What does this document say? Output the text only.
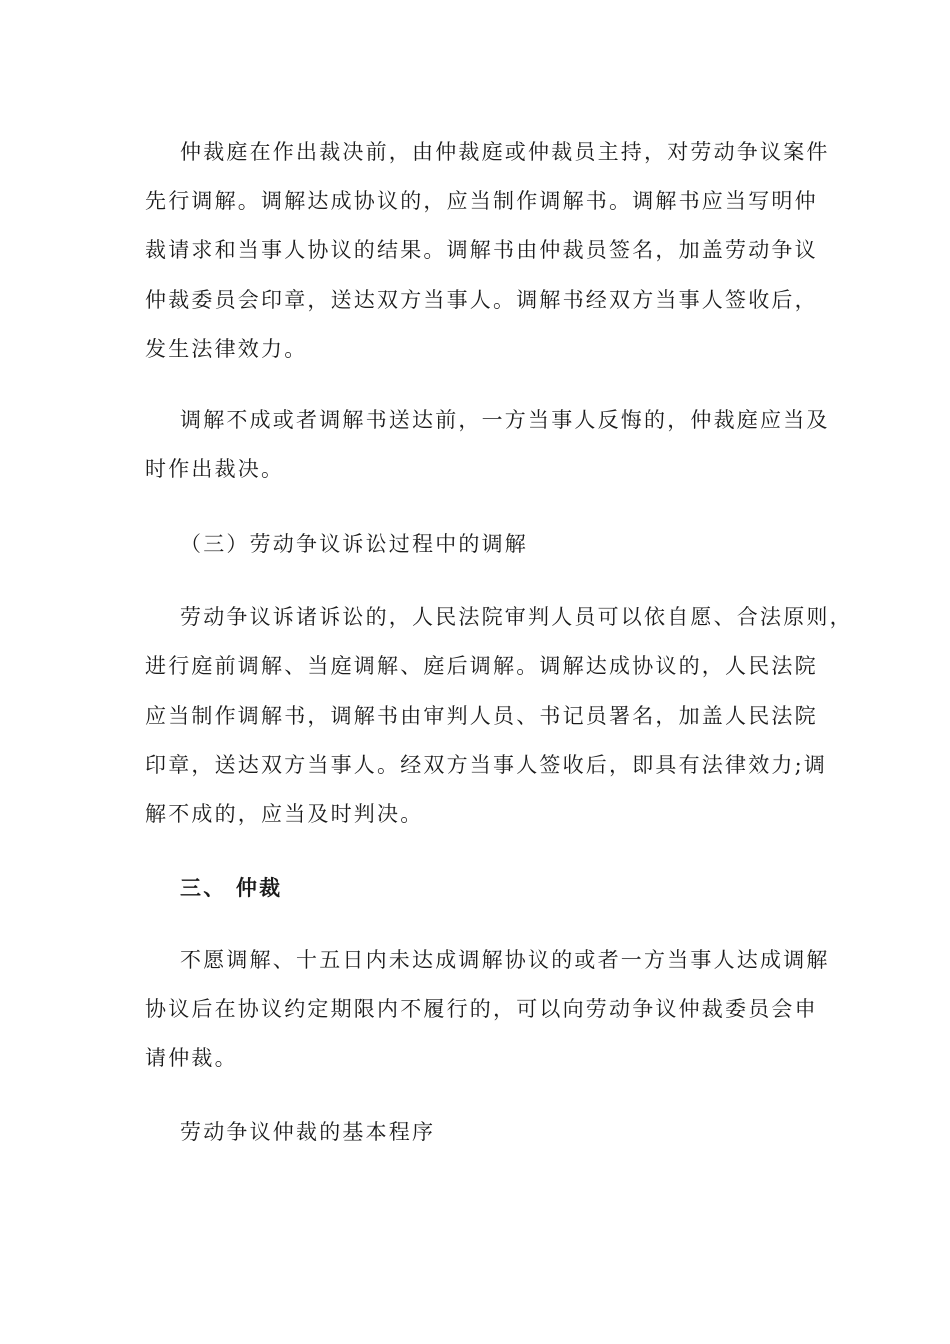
仲裁庭在作出裁决前，由仲裁庭或仲裁员主持，对劳动争议案件
先行调解。调解达成协议的，应当制作调解书。调解书应当写明仲
裁请求和当事人协议的结果。调解书由仲裁员签名，加盖劳动争议
仲裁委员会印章，送达双方当事人。调解书经双方当事人签收后，
发生法律效力。
调解不成或者调解书送达前，一方当事人反悔的，仲裁庭应当及
时作出裁决。
（三）劳动争议诉讼过程中的调解
劳动争议诉诸诉讼的，人民法院审判人员可以依自愿、合法原则，
进行庭前调解、当庭调解、庭后调解。调解达成协议的，人民法院
应当制作调解书，调解书由审判人员、书记员署名，加盖人民法院
印章，送达双方当事人。经双方当事人签收后，即具有法律效力;调
解不成的，应当及时判决。
三、 仲裁
不愿调解、十五日内未达成调解协议的或者一方当事人达成调解
协议后在协议约定期限内不履行的，可以向劳动争议仲裁委员会申
请仲裁。
劳动争议仲裁的基本程序
